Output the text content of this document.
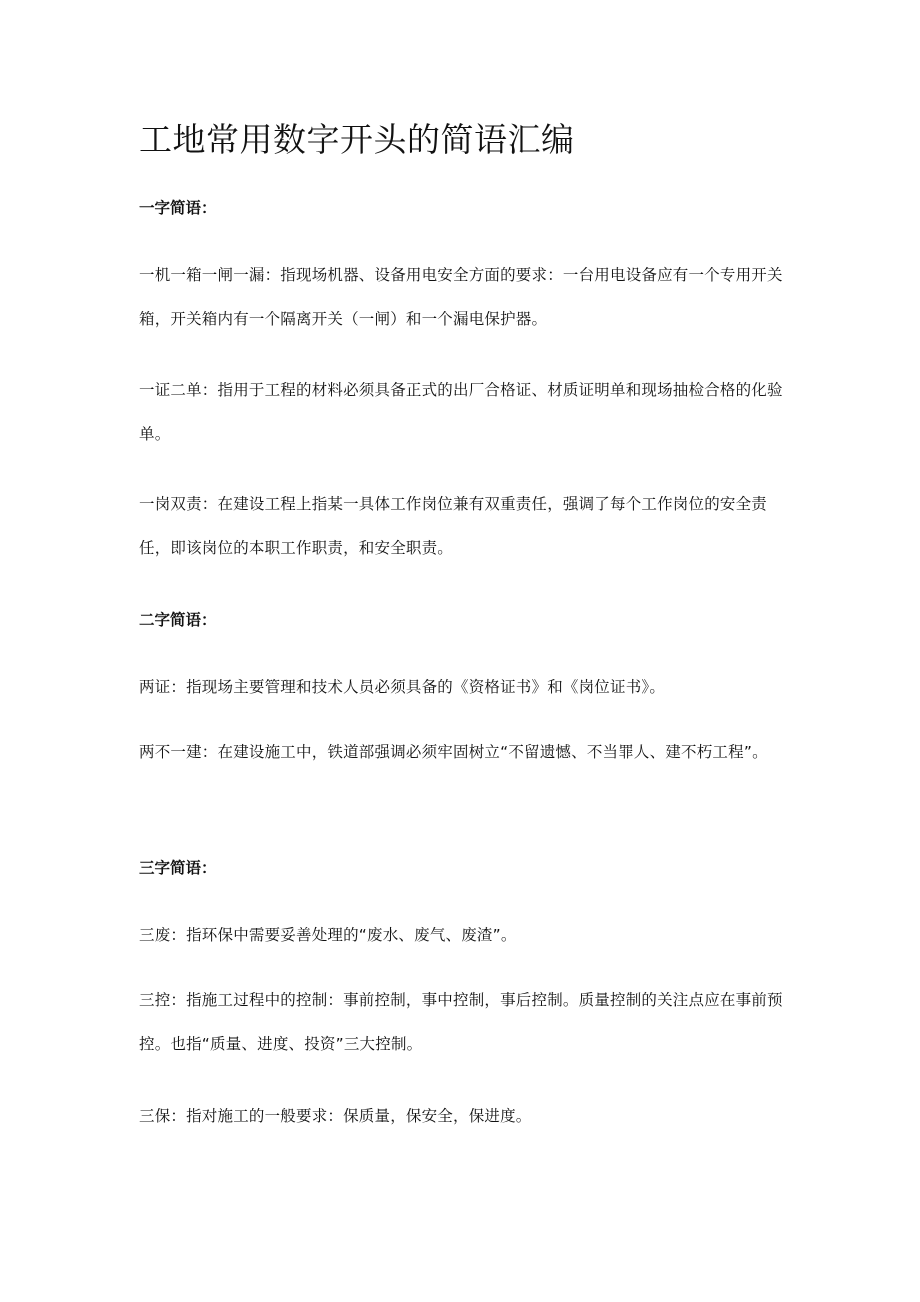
工地常用数字开头的简语汇编
一字简语：

一机一箱一闸一漏：指现场机器、设备用电安全方面的要求：一台用电设备应有一个专用开关箱，开关箱内有一个隔离开关（一闸）和一个漏电保护器。

一证二单：指用于工程的材料必须具备正式的出厂合格证、材质证明单和现场抽检合格的化验单。

一岗双责：在建设工程上指某一具体工作岗位兼有双重责任，强调了每个工作岗位的安全责任，即该岗位的本职工作职责，和安全职责。

二字简语：

两证：指现场主要管理和技术人员必须具备的《资格证书》和《岗位证书》。

两不一建：在建设施工中，铁道部强调必须牢固树立“不留遗憾、不当罪人、建不朽工程”。

三字简语：

三废：指环保中需要妥善处理的“废水、废气、废渣”。

三控：指施工过程中的控制：事前控制，事中控制，事后控制。质量控制的关注点应在事前预控。也指“质量、进度、投资”三大控制。

三保：指对施工的一般要求：保质量，保安全，保进度。
